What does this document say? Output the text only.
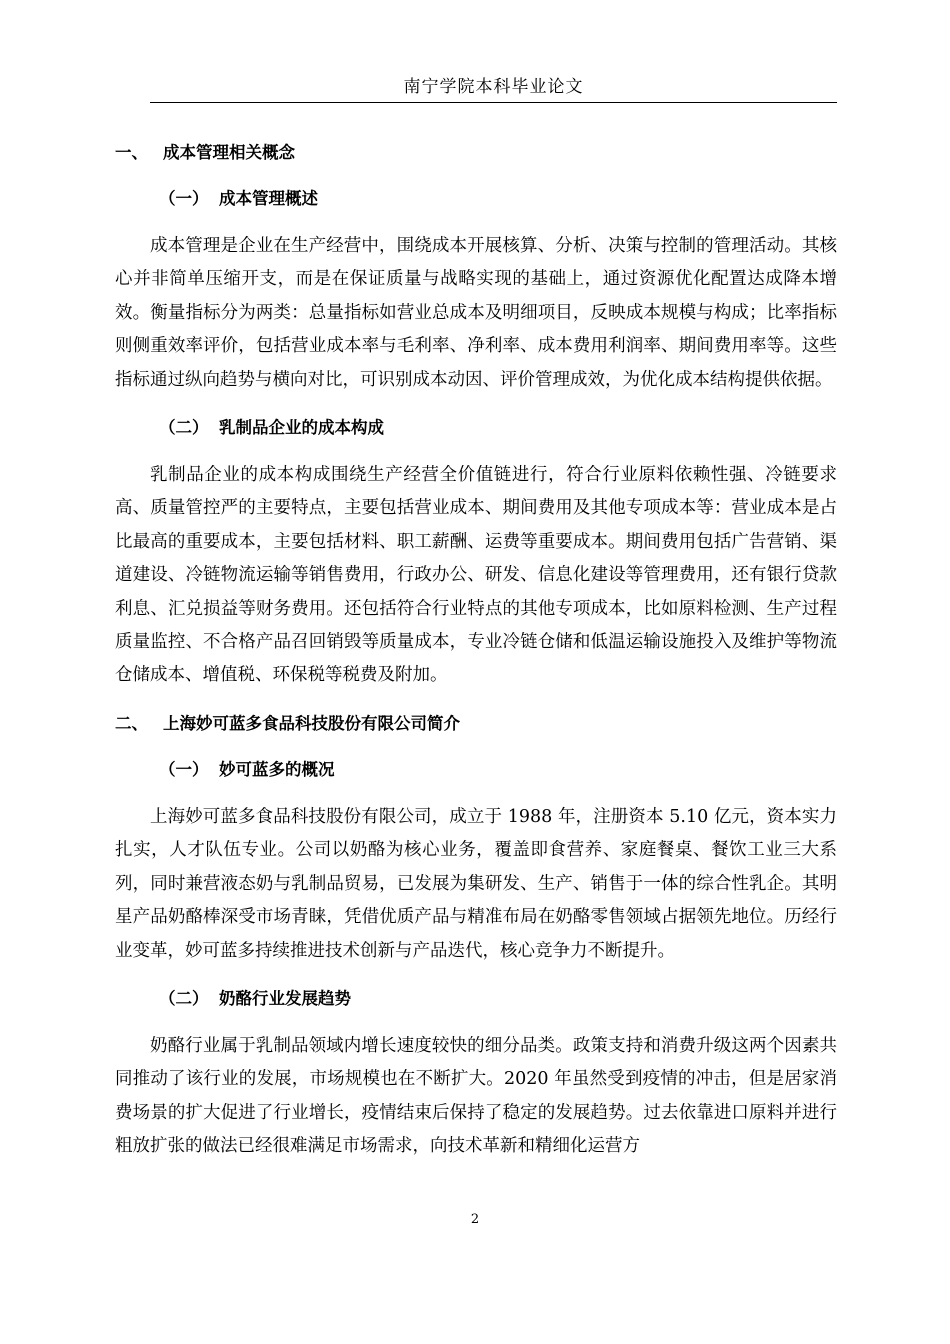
南宁学院本科毕业论文
一、 成本管理相关概念
（一） 成本管理概述

成本管理是企业在生产经营中，围绕成本开展核算、分析、决策与控制的管理活动。其核心并非简单压缩开支，而是在保证质量与战略实现的基础上，通过资源优化配置达成降本增效。衡量指标分为两类：总量指标如营业总成本及明细项目，反映成本规模与构成；比率指标则侧重效率评价，包括营业成本率与毛利率、净利率、成本费用利润率、期间费用率等。这些指标通过纵向趋势与横向对比，可识别成本动因、评价管理成效，为优化成本结构提供依据。

（二） 乳制品企业的成本构成

乳制品企业的成本构成围绕生产经营全价值链进行，符合行业原料依赖性强、冷链要求高、质量管控严的主要特点，主要包括营业成本、期间费用及其他专项成本等：营业成本是占比最高的重要成本，主要包括材料、职工薪酬、运费等重要成本。期间费用包括广告营销、渠道建设、冷链物流运输等销售费用，行政办公、研发、信息化建设等管理费用，还有银行贷款利息、汇兑损益等财务费用。还包括符合行业特点的其他专项成本，比如原料检测、生产过程质量监控、不合格产品召回销毁等质量成本，专业冷链仓储和低温运输设施投入及维护等物流仓储成本、增值税、环保税等税费及附加。

二、 上海妙可蓝多食品科技股份有限公司简介
（一） 妙可蓝多的概况

上海妙可蓝多食品科技股份有限公司，成立于 1988 年，注册资本 5.10 亿元，资本实力扎实，人才队伍专业。公司以奶酪为核心业务，覆盖即食营养、家庭餐桌、餐饮工业三大系列，同时兼营液态奶与乳制品贸易，已发展为集研发、生产、销售于一体的综合性乳企。其明星产品奶酪棒深受市场青睐，凭借优质产品与精准布局在奶酪零售领域占据领先地位。历经行业变革，妙可蓝多持续推进技术创新与产品迭代，核心竞争力不断提升。

（二） 奶酪行业发展趋势

奶酪行业属于乳制品领域内增长速度较快的细分品类。政策支持和消费升级这两个因素共同推动了该行业的发展，市场规模也在不断扩大。2020 年虽然受到疫情的冲击，但是居家消费场景的扩大促进了行业增长，疫情结束后保持了稳定的发展趋势。过去依靠进口原料并进行粗放扩张的做法已经很难满足市场需求，向技术革新和精细化运营方

2
